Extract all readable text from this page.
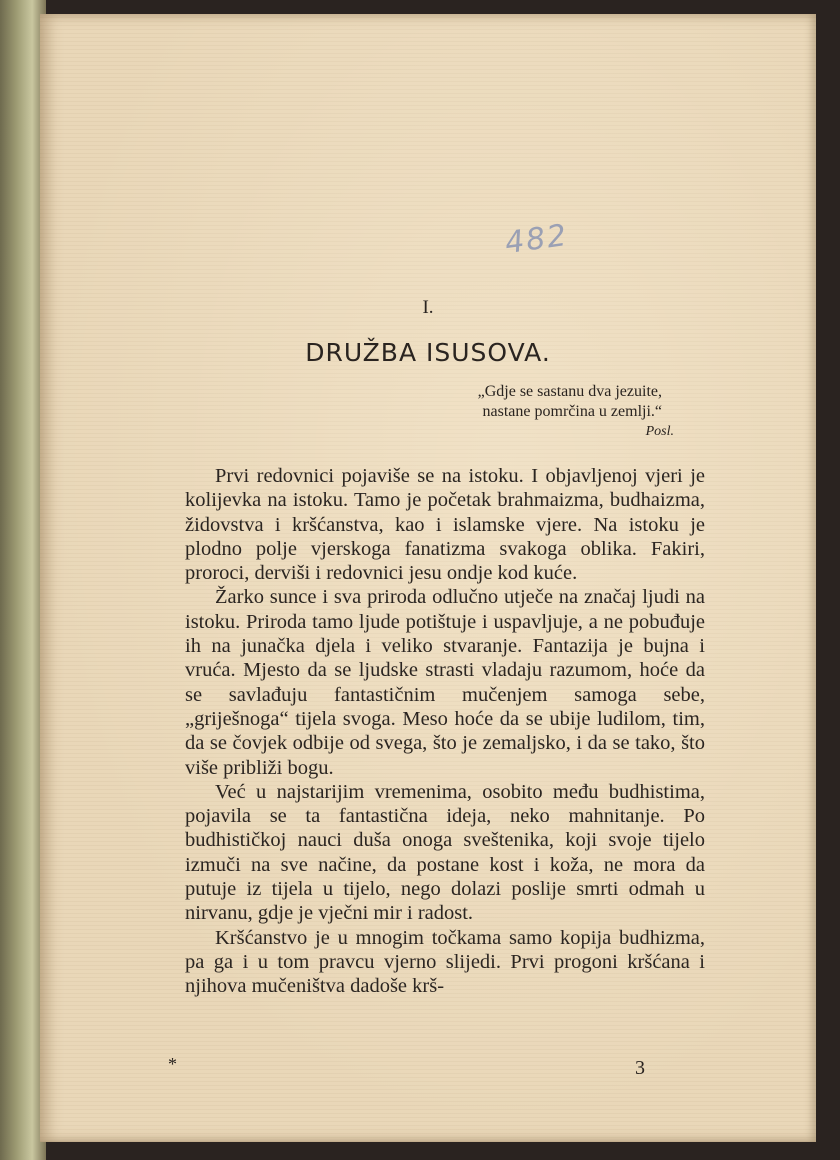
482
I.
DRUŽBA ISUSOVA.
„Gdje se sastanu dva jezuite,
nastane pomrčina u zemlji.“
Posl.

Prvi redovnici pojaviše se na istoku. I objavljenoj vjeri je kolijevka na istoku. Tamo je početak brahmaizma, budhaizma, židovstva i kršćanstva, kao i islamske vjere. Na istoku je plodno polje vjerskoga fanatizma svakoga oblika. Fakiri, proroci, derviši i redovnici jesu ondje kod kuće.

Žarko sunce i sva priroda odlučno utječe na značaj ljudi na istoku. Priroda tamo ljude potištuje i uspavljuje, a ne pobuđuje ih na junačka djela i veliko stvaranje. Fantazija je bujna i vruća. Mjesto da se ljudske strasti vladaju razumom, hoće da se savlađuju fantastičnim mučenjem samoga sebe, „griješnoga“ tijela svoga. Meso hoće da se ubije ludilom, tim, da se čovjek odbije od svega, što je zemaljsko, i da se tako, što više približi bogu.

Već u najstarijim vremenima, osobito među budhistima, pojavila se ta fantastična ideja, neko mahnitanje. Po budhističkoj nauci duša onoga sveštenika, koji svoje tijelo izmuči na sve načine, da postane kost i koža, ne mora da putuje iz tijela u tijelo, nego dolazi poslije smrti odmah u nirvanu, gdje je vječni mir i radost.

Kršćanstvo je u mnogim točkama samo kopija budhizma, pa ga i u tom pravcu vjerno slijedi. Prvi progoni kršćana i njihova mučeništva dadoše krš-

*	3
